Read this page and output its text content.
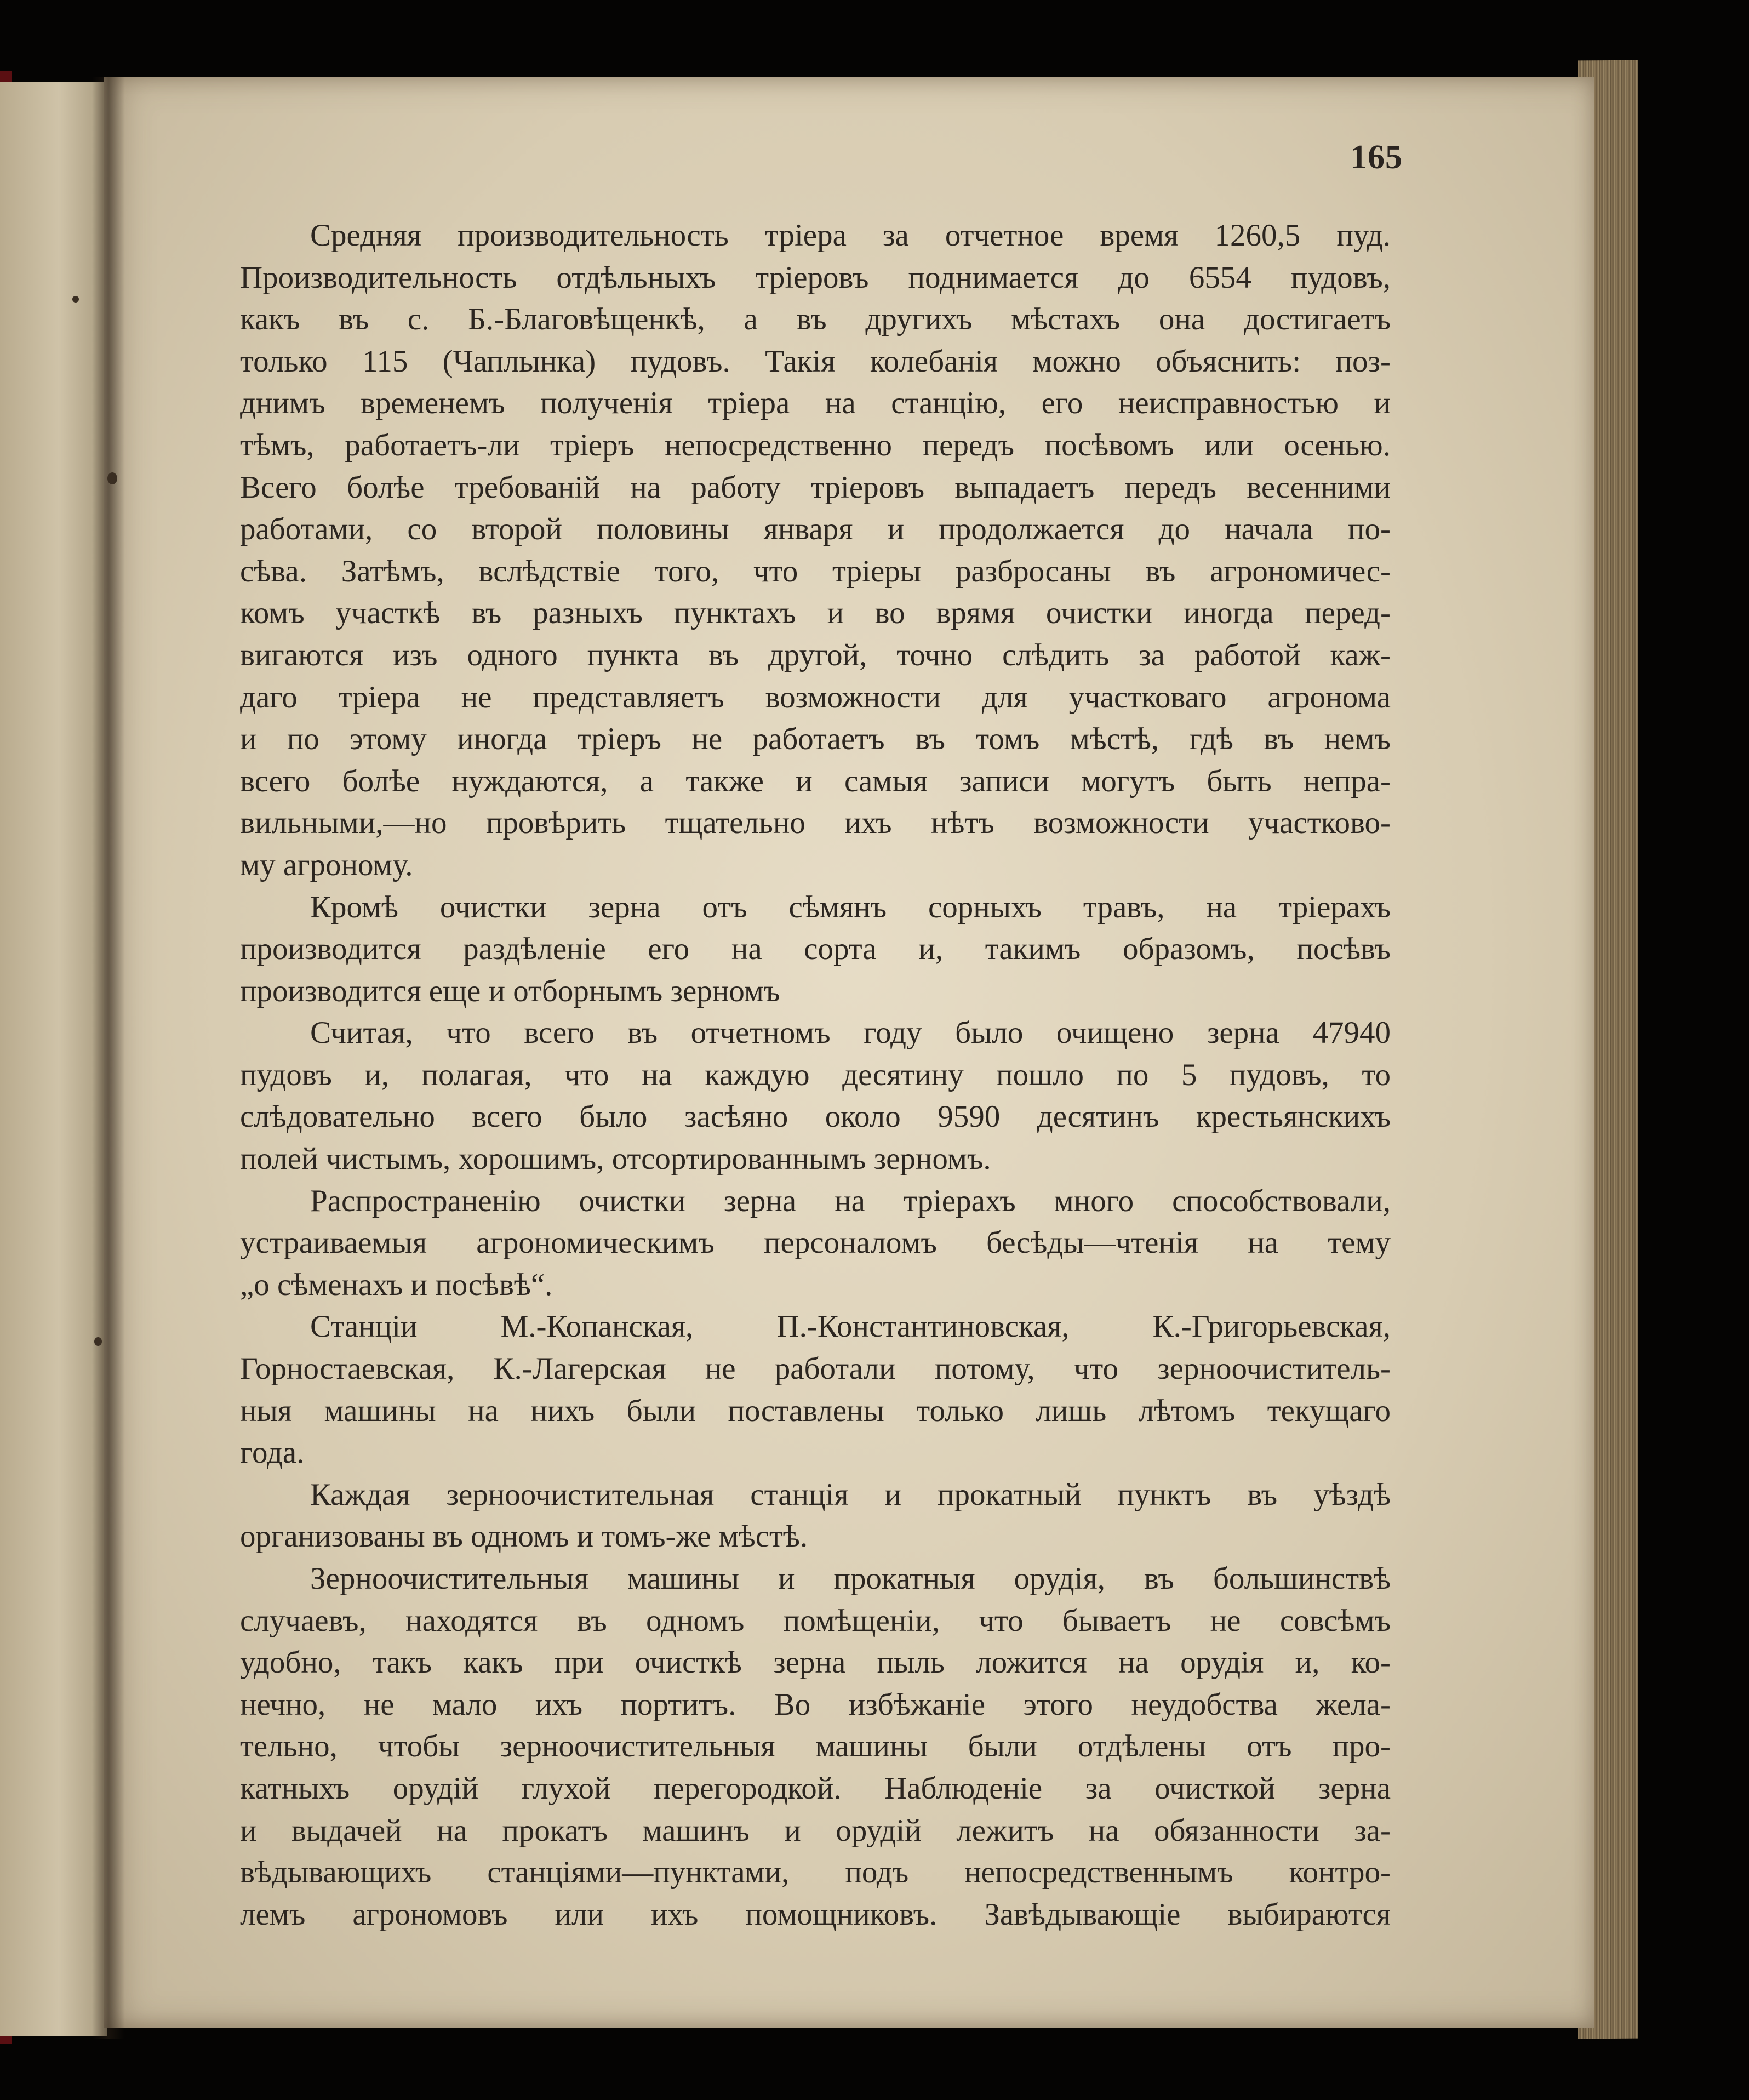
165
Средняя производительность тріера за отчетное время 1260,5 пуд.
Производительность отдѣльныхъ тріеровъ поднимается до 6554 пудовъ,
какъ въ с. Б.-Благовѣщенкѣ, а въ другихъ мѣстахъ она достигаетъ
только 115 (Чаплынка) пудовъ. Такія колебанія можно объяснить: поз-
днимъ временемъ полученія тріера на станцію, его неисправностью и
тѣмъ, работаетъ-ли тріеръ непосредственно передъ посѣвомъ или осенью.
Всего болѣе требованій на работу тріеровъ выпадаетъ передъ весенними
работами, со второй половины января и продолжается до начала по-
сѣва. Затѣмъ, вслѣдствіе того, что тріеры разбросаны въ агрономичес-
комъ участкѣ въ разныхъ пунктахъ и во врямя очистки иногда перед-
вигаются изъ одного пункта въ другой, точно слѣдить за работой каж-
даго тріера не представляетъ возможности для участковаго агронома
и по этому иногда тріеръ не работаетъ въ томъ мѣстѣ, гдѣ въ немъ
всего болѣе нуждаются, а также и самыя записи могутъ быть непра-
вильными,—но провѣрить тщательно ихъ нѣтъ возможности участково-
му агроному.
Кромѣ очистки зерна отъ сѣмянъ сорныхъ травъ, на тріерахъ
производится раздѣленіе его на сорта и, такимъ образомъ, посѣвъ
производится еще и отборнымъ зерномъ
Считая, что всего въ отчетномъ году было очищено зерна 47940
пудовъ и, полагая, что на каждую десятину пошло по 5 пудовъ, то
слѣдовательно всего было засѣяно около 9590 десятинъ крестьянскихъ
полей чистымъ, хорошимъ, отсортированнымъ зерномъ.
Распространенію очистки зерна на тріерахъ много способствовали,
устраиваемыя агрономическимъ персоналомъ бесѣды—чтенія на тему
„о сѣменахъ и посѣвѣ“.
Станціи М.-Копанская, П.-Константиновская, К.-Григорьевская,
Горностаевская, К.-Лагерская не работали потому, что зерноочиститель-
ныя машины на нихъ были поставлены только лишь лѣтомъ текущаго
года.
Каждая зерноочистительная станція и прокатный пунктъ въ уѣздѣ
организованы въ одномъ и томъ-же мѣстѣ.
Зерноочистительныя машины и прокатныя орудія, въ большинствѣ
случаевъ, находятся въ одномъ помѣщеніи, что бываетъ не совсѣмъ
удобно, такъ какъ при очисткѣ зерна пыль ложится на орудія и, ко-
нечно, не мало ихъ портитъ. Во избѣжаніе этого неудобства жела-
тельно, чтобы зерноочистительныя машины были отдѣлены отъ про-
катныхъ орудій глухой перегородкой. Наблюденіе за очисткой зерна
и выдачей на прокатъ машинъ и орудій лежитъ на обязанности за-
вѣдывающихъ станціями—пунктами, подъ непосредственнымъ контро-
лемъ агрономовъ или ихъ помощниковъ. Завѣдывающіе выбираются
